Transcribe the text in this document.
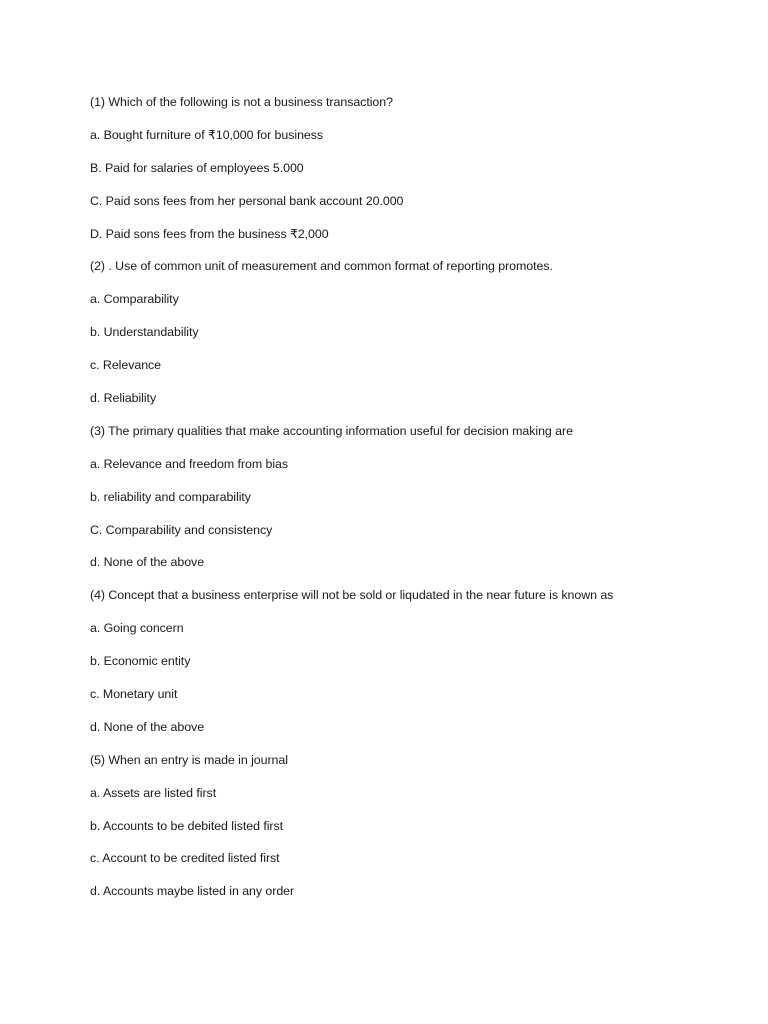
(1) Which of the following is not a business transaction?
a. Bought furniture of ₹10,000 for business
B. Paid for salaries of employees 5.000
C. Paid sons fees from her personal bank account 20.000
D. Paid sons fees from the business ₹2,000
(2) . Use of common unit of measurement and common format of reporting promotes.
a. Comparability
b. Understandability
c. Relevance
d. Reliability
(3) The primary qualities that make accounting information useful for decision making are
a. Relevance and freedom from bias
b. reliability and comparability
C. Comparability and consistency
d. None of the above
(4) Concept that a business enterprise will not be sold or liqudated in the near future is known as
a. Going concern
b. Economic entity
c. Monetary unit
d. None of the above
(5) When an entry is made in journal
a. Assets are listed first
b. Accounts to be debited listed first
c. Account to be credited listed first
d. Accounts maybe listed in any order
